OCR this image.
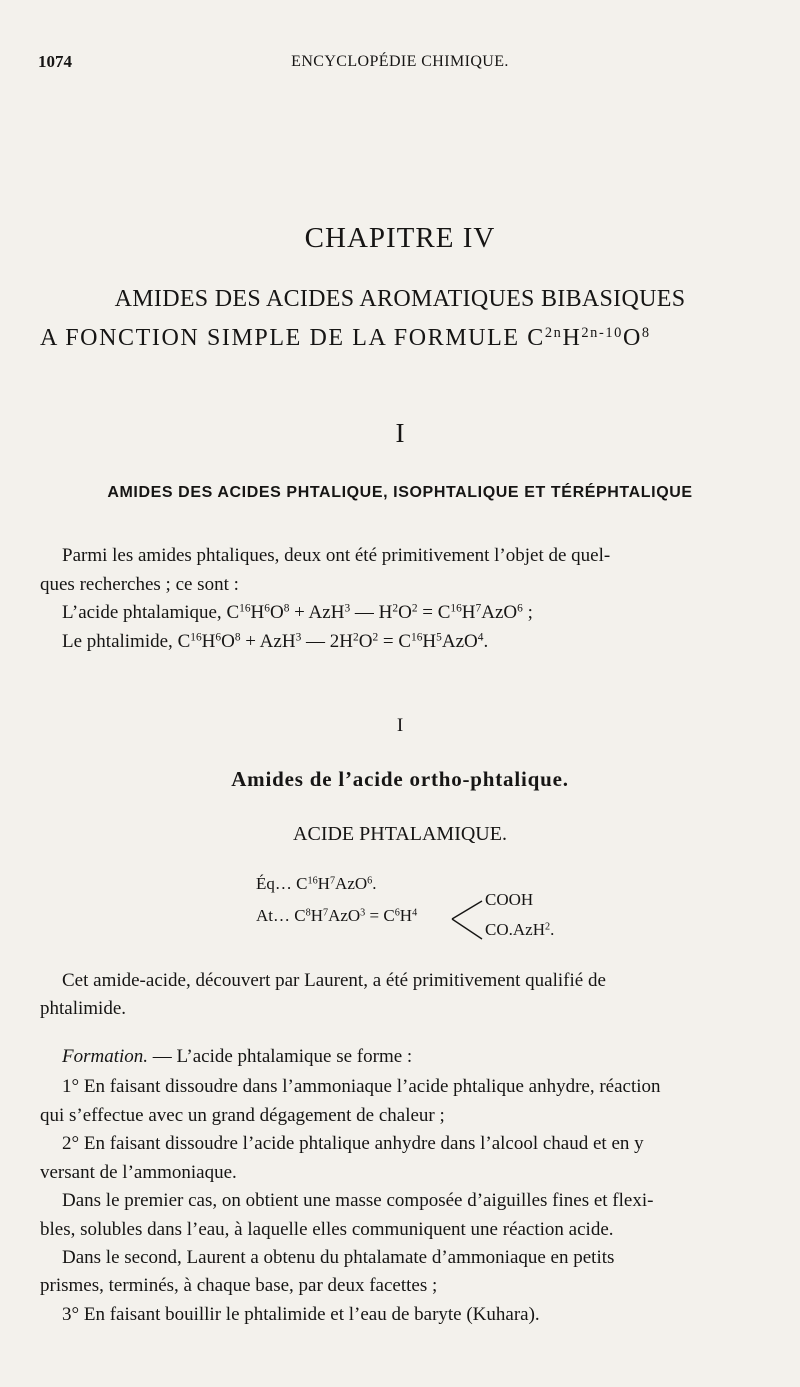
1074	ENCYCLOPÉDIE CHIMIQUE.
CHAPITRE IV
AMIDES DES ACIDES AROMATIQUES BIBASIQUES
A FONCTION SIMPLE DE LA FORMULE $C^{2n}H^{2n-10}O^8$
I
AMIDES DES ACIDES PHTALIQUE, ISOPHTALIQUE ET TÉRÉPHTALIQUE
Parmi les amides phtaliques, deux ont été primitivement l’objet de quel-
ques recherches ; ce sont :
L’acide phtalamique, $C^{16}H^6O^8 + AzH^3$ — $H^2O^2 = C^{16}H^7AzO^6$ ;
Le phtalimide, $C^{16}H^6O^8 + AzH^3$ — $2H^2O^2 = C^{16}H^5AzO^4$.
I
Amides de l’acide ortho-phtalique.
ACIDE PHTALAMIQUE.
Éq… $C^{16}H^7AzO^6$.
At… $C^8H^7AzO^3 = C^6H^4$
COOH
CO.AzH$^2$.
Cet amide-acide, découvert par Laurent, a été primitivement qualifié de
phtalimide.
Formation. — L’acide phtalamique se forme :
1° En faisant dissoudre dans l’ammoniaque l’acide phtalique anhydre, réaction
qui s’effectue avec un grand dégagement de chaleur ;
2° En faisant dissoudre l’acide phtalique anhydre dans l’alcool chaud et en y
versant de l’ammoniaque.
Dans le premier cas, on obtient une masse composée d’aiguilles fines et flexi-
bles, solubles dans l’eau, à laquelle elles communiquent une réaction acide.
Dans le second, Laurent a obtenu du phtalamate d’ammoniaque en petits
prismes, terminés, à chaque base, par deux facettes ;
3° En faisant bouillir le phtalimide et l’eau de baryte (Kuhara).
